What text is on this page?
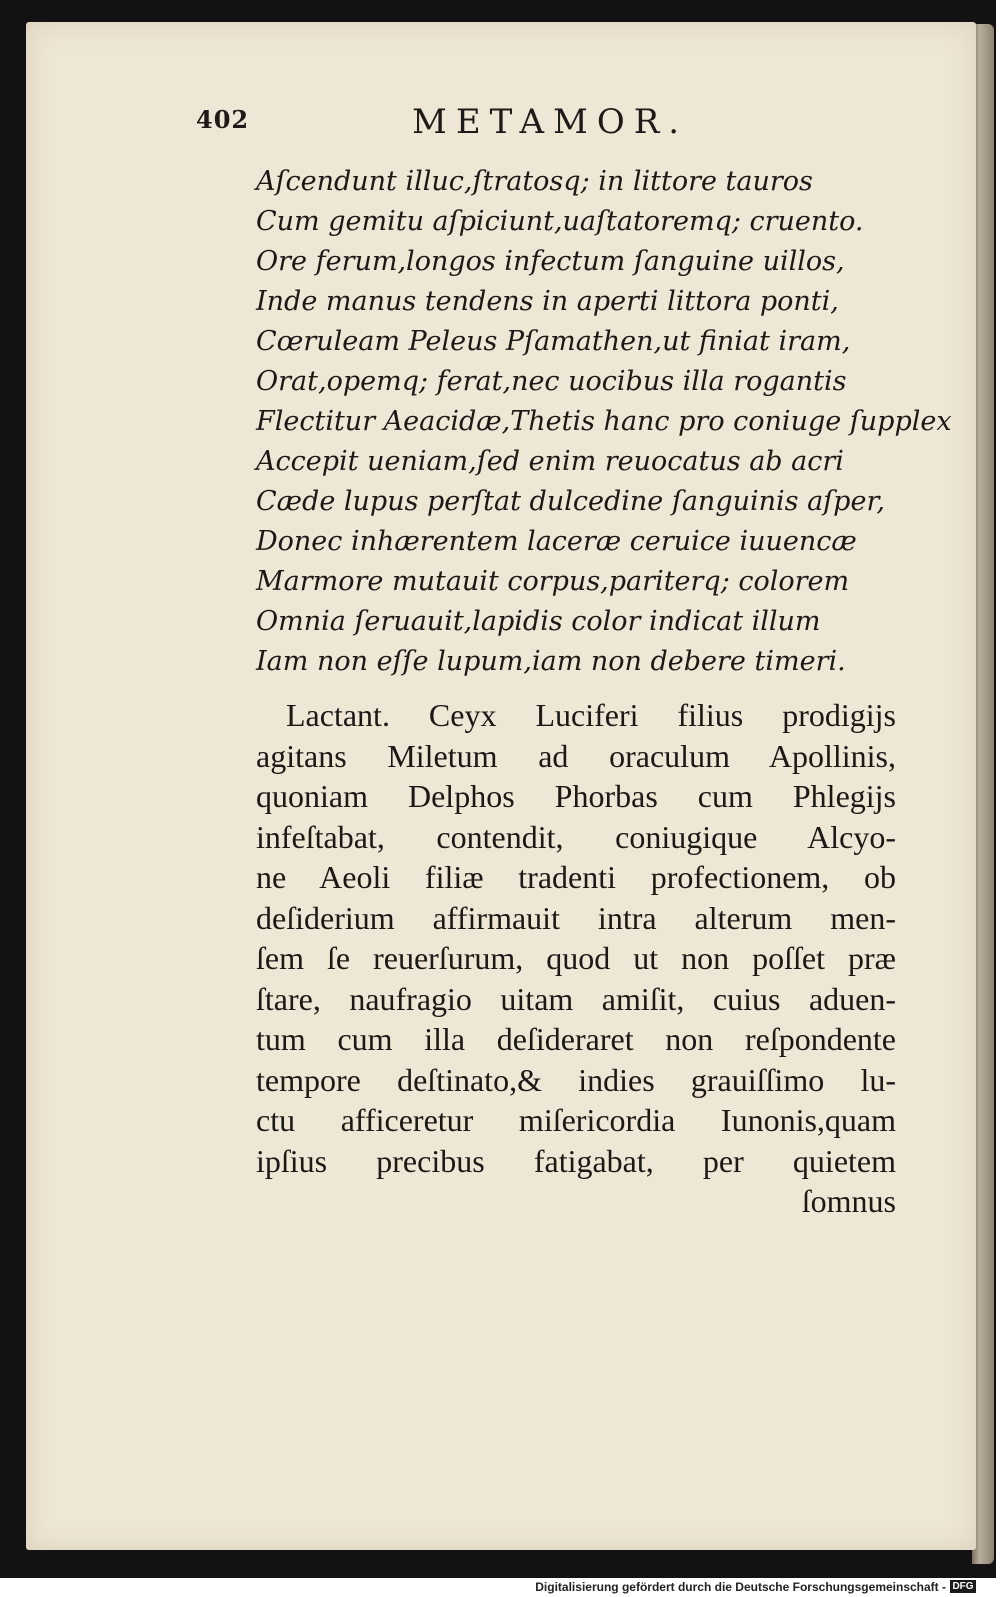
402	METAMOR.
Aſcendunt illuc,ſtratosq; in littore tauros
Cum gemitu aſpiciunt,uaſtatoremq; cruento.
Ore ferum,longos infectum ſanguine uillos,
Inde manus tendens in aperti littora ponti,
Cœruleam Peleus Pſamathen,ut finiat iram,
Orat,opemq; ferat,nec uocibus illa rogantis
Flectitur Aeacidæ,Thetis hanc pro coniuge ſupplex
Accepit ueniam,ſed enim reuocatus ab acri
Cæde lupus perſtat dulcedine ſanguinis aſper,
Donec inhærentem laceræ ceruice iuuencæ
Marmore mutauit corpus,pariterq; colorem
Omnia ſeruauit,lapidis color indicat illum
Iam non eſſe lupum,iam non debere timeri.
Lactant. Ceyx Luciferi filius prodigijs
agitans Miletum ad oraculum Apollinis,
quoniam Delphos Phorbas cum Phlegijs
infeſtabat, contendit, coniugique Alcyo-
ne Aeoli filiæ tradenti profectionem, ob
deſiderium affirmauit intra alterum men-
ſem ſe reuerſurum, quod ut non poſſet præ
ſtare, naufragio uitam amiſit, cuius aduen-
tum cum illa deſideraret non reſpondente
tempore deſtinato,& indies grauiſſimo lu-
ctu afficeretur miſericordia Iunonis,quam
ipſius precibus fatigabat, per quietem
ſomnus
Digitalisierung gefördert durch die Deutsche Forschungsgemeinschaft - DFG
